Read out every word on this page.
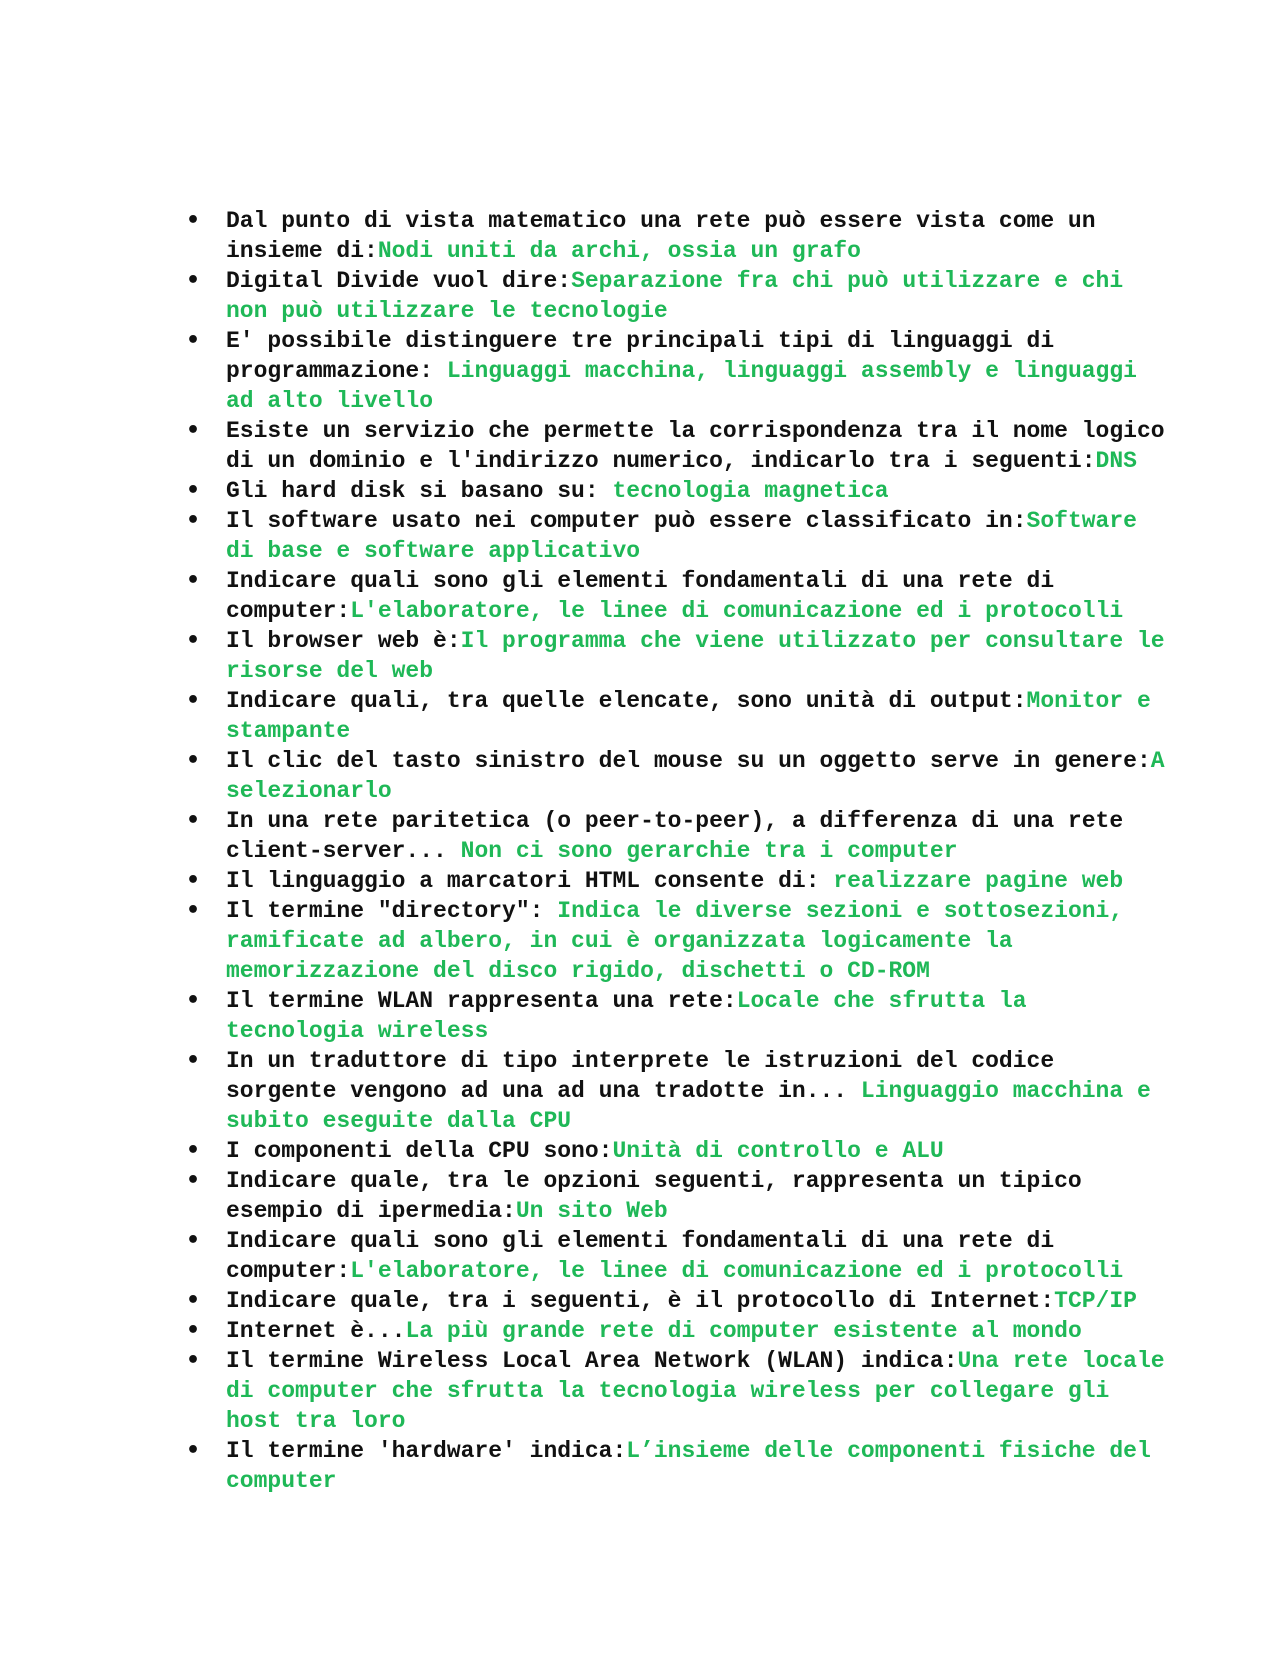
• Dal punto di vista matematico una rete può essere vista come un insieme di:Nodi uniti da archi, ossia un grafo
• Digital Divide vuol dire:Separazione fra chi può utilizzare e chi non può utilizzare le tecnologie
• E' possibile distinguere tre principali tipi di linguaggi di programmazione: Linguaggi macchina, linguaggi assembly e linguaggi ad alto livello
• Esiste un servizio che permette la corrispondenza tra il nome logico di un dominio e l'indirizzo numerico, indicarlo tra i seguenti:DNS
• Gli hard disk si basano su: tecnologia magnetica
• Il software usato nei computer può essere classificato in:Software di base e software applicativo
• Indicare quali sono gli elementi fondamentali di una rete di computer:L'elaboratore, le linee di comunicazione ed i protocolli
• Il browser web è:Il programma che viene utilizzato per consultare le risorse del web
• Indicare quali, tra quelle elencate, sono unità di output:Monitor e stampante
• Il clic del tasto sinistro del mouse su un oggetto serve in genere:A selezionarlo
• In una rete paritetica (o peer-to-peer), a differenza di una rete client-server... Non ci sono gerarchie tra i computer
• Il linguaggio a marcatori HTML consente di: realizzare pagine web
• Il termine "directory": Indica le diverse sezioni e sottosezioni, ramificate ad albero, in cui è organizzata logicamente la memorizzazione del disco rigido, dischetti o CD-ROM
• Il termine WLAN rappresenta una rete:Locale che sfrutta la tecnologia wireless
• In un traduttore di tipo interprete le istruzioni del codice sorgente vengono ad una ad una tradotte in... Linguaggio macchina e subito eseguite dalla CPU
• I componenti della CPU sono:Unità di controllo e ALU
• Indicare quale, tra le opzioni seguenti, rappresenta un tipico esempio di ipermedia:Un sito Web
• Indicare quali sono gli elementi fondamentali di una rete di computer:L'elaboratore, le linee di comunicazione ed i protocolli
• Indicare quale, tra i seguenti, è il protocollo di Internet:TCP/IP
• Internet è...La più grande rete di computer esistente al mondo
• Il termine Wireless Local Area Network (WLAN) indica:Una rete locale di computer che sfrutta la tecnologia wireless per collegare gli host tra loro
• Il termine 'hardware' indica:L’insieme delle componenti fisiche del computer
